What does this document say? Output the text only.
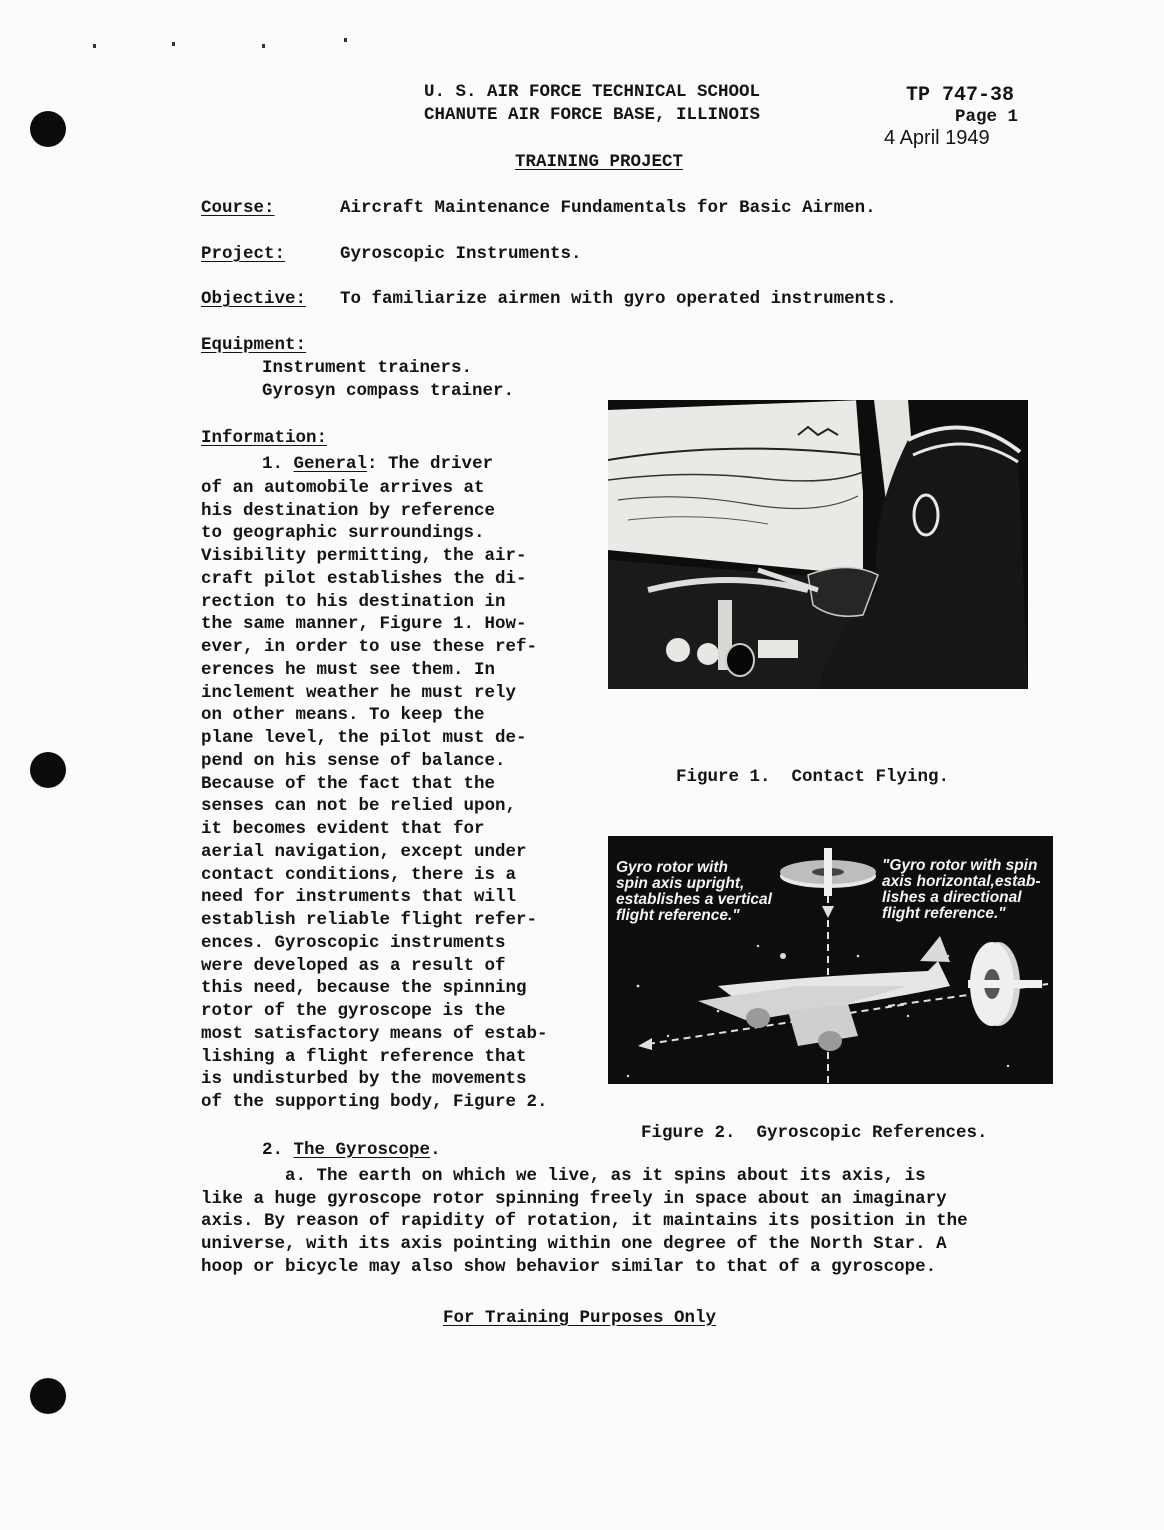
U. S. AIR FORCE TECHNICAL SCHOOL
CHANUTE AIR FORCE BASE, ILLINOIS
TP 747-38
Page 1
4 April 1949
TRAINING PROJECT
Course:	Aircraft Maintenance Fundamentals for Basic Airmen.
Project:	Gyroscopic Instruments.
Objective: To familiarize airmen with gyro operated instruments.
Equipment:
Instrument trainers.
Gyrosyn compass trainer.
Information:
1. General: The driver
of an automobile arrives at
his destination by reference
to geographic surroundings.
Visibility permitting, the air-
craft pilot establishes the di-
rection to his destination in
the same manner, Figure 1. How-
ever, in order to use these ref-
erences he must see them. In
inclement weather he must rely
on other means. To keep the
plane level, the pilot must de-
pend on his sense of balance.
Because of the fact that the
senses can not be relied upon,
it becomes evident that for
aerial navigation, except under
contact conditions, there is a
need for instruments that will
establish reliable flight refer-
ences. Gyroscopic instruments
were developed as a result of
this need, because the spinning
rotor of the gyroscope is the
most satisfactory means of estab-
lishing a flight reference that
is undisturbed by the movements
of the supporting body, Figure 2.
Figure 1.  Contact Flying.
Gyro rotor with
spin axis upright,
establishes a vertical
flight reference."
"Gyro rotor with spin
axis horizontal,estab-
lishes a directional
flight reference."
Figure 2.  Gyroscopic References.
2. The Gyroscope.
a. The earth on which we live, as it spins about its axis, is
like a huge gyroscope rotor spinning freely in space about an imaginary
axis. By reason of rapidity of rotation, it maintains its position in the
universe, with its axis pointing within one degree of the North Star. A
hoop or bicycle may also show behavior similar to that of a gyroscope.
For Training Purposes Only
